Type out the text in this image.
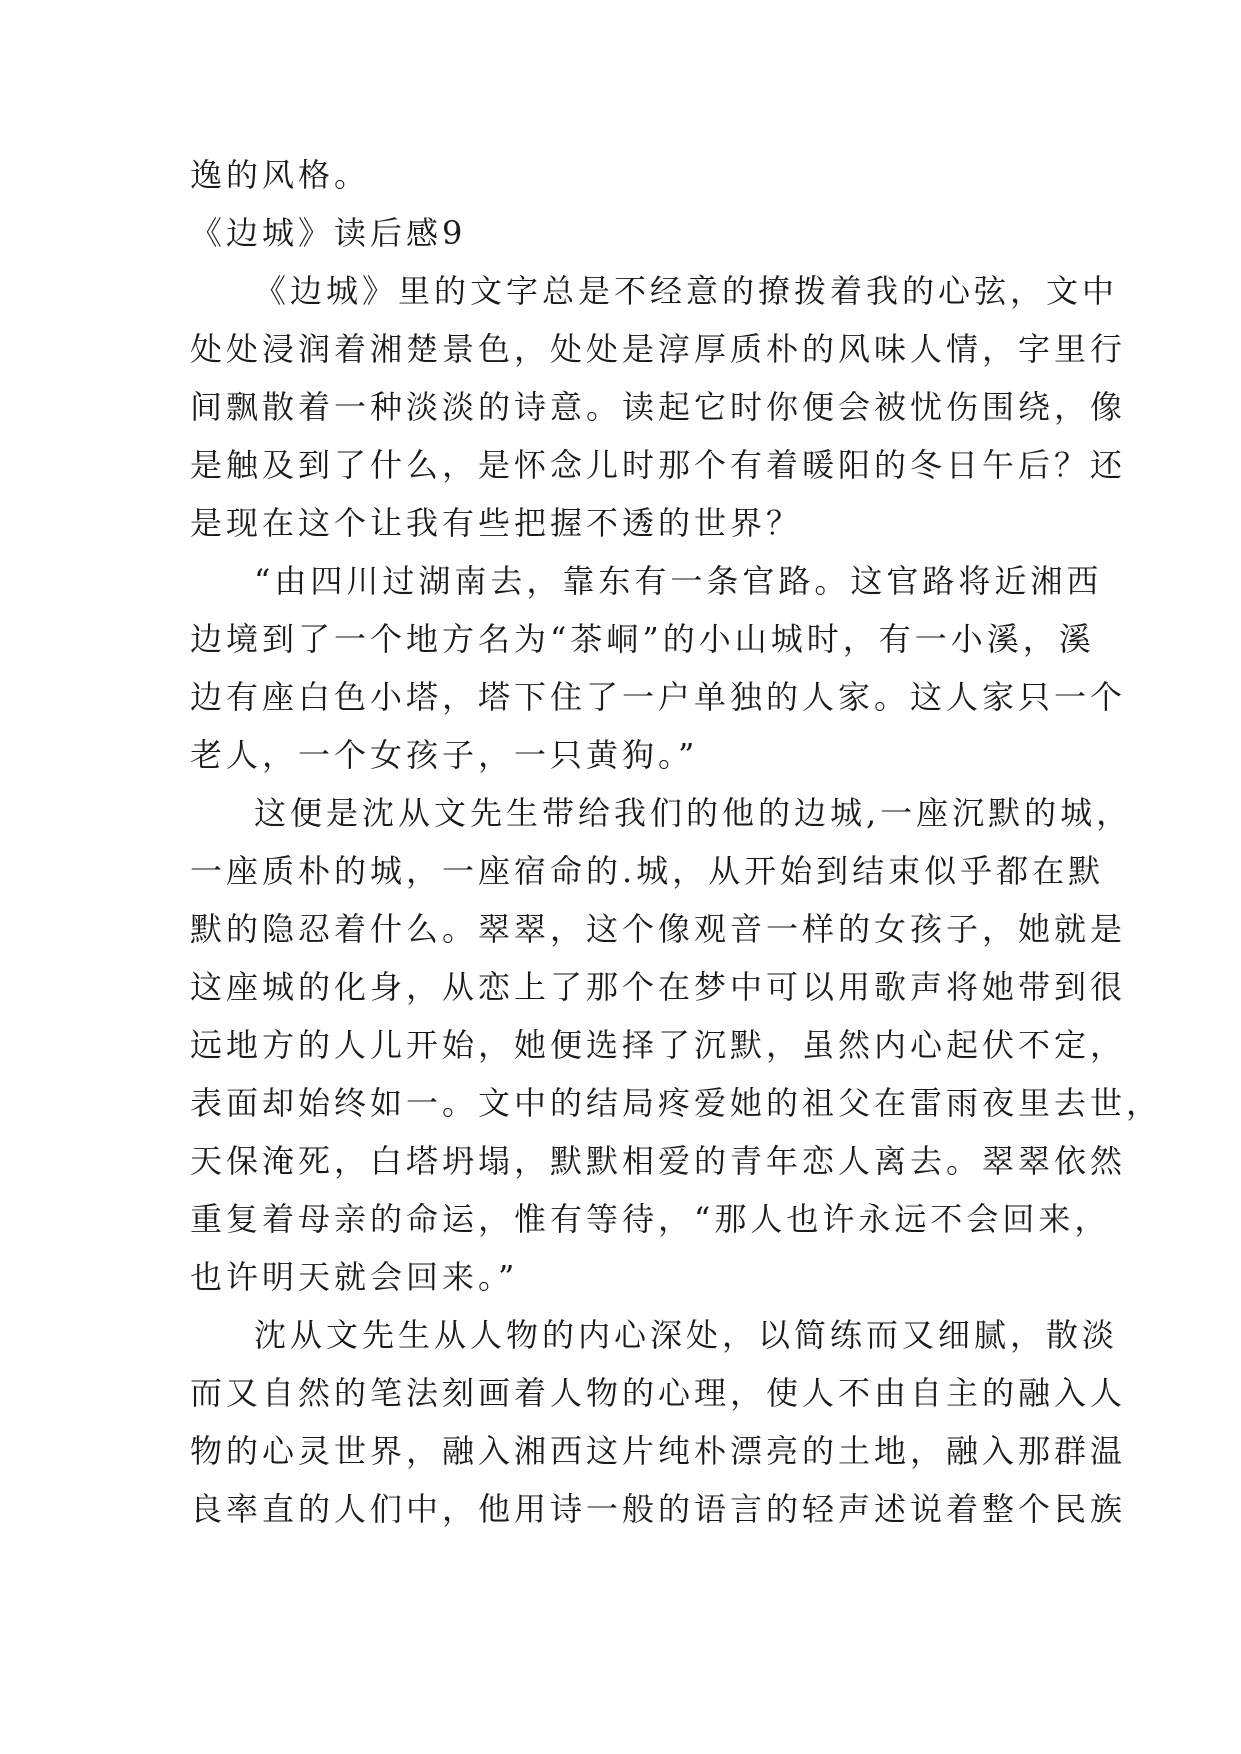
逸的风格。

《边城》读后感9

《边城》里的文字总是不经意的撩拨着我的心弦，文中

处处浸润着湘楚景色，处处是淳厚质朴的风味人情，字里行

间飘散着一种淡淡的诗意。读起它时你便会被忧伤围绕，像

是触及到了什么，是怀念儿时那个有着暖阳的冬日午后？还

是现在这个让我有些把握不透的世界？

“由四川过湖南去，靠东有一条官路。这官路将近湘西

边境到了一个地方名为“茶峒”的小山城时，有一小溪，溪

边有座白色小塔，塔下住了一户单独的人家。这人家只一个

老人，一个女孩子，一只黄狗。”

这便是沈从文先生带给我们的他的边城,一座沉默的城，

一座质朴的城，一座宿命的.城，从开始到结束似乎都在默

默的隐忍着什么。翠翠，这个像观音一样的女孩子，她就是

这座城的化身，从恋上了那个在梦中可以用歌声将她带到很

远地方的人儿开始，她便选择了沉默，虽然内心起伏不定，

表面却始终如一。文中的结局疼爱她的祖父在雷雨夜里去世，

天保淹死，白塔坍塌，默默相爱的青年恋人离去。翠翠依然

重复着母亲的命运，惟有等待，“那人也许永远不会回来，

也许明天就会回来。”

沈从文先生从人物的内心深处，以简练而又细腻，散淡

而又自然的笔法刻画着人物的心理，使人不由自主的融入人

物的心灵世界，融入湘西这片纯朴漂亮的土地，融入那群温

良率直的人们中，他用诗一般的语言的轻声述说着整个民族
